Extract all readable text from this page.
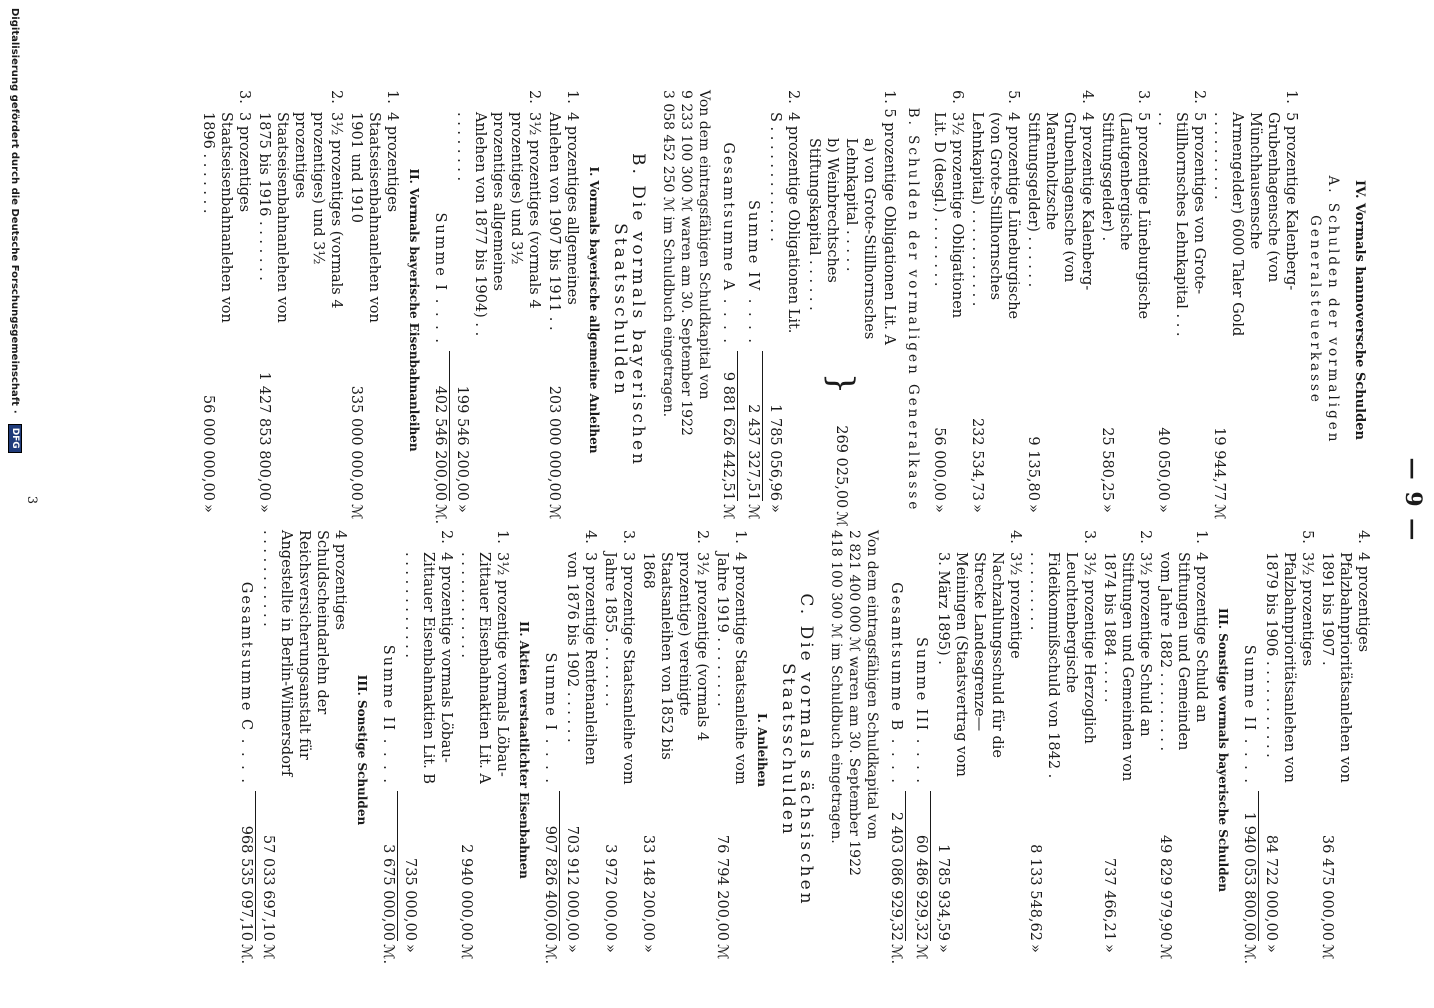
— 9 —
IV. Vormals hannoversche Schulden
A. Schulden der vormaligen Generalsteuerkasse
1.
5 prozentige Kalenberg-Grubenhagensche (von Münchhausensche Armengelder) 6000 Taler Gold . . . . . . . . . .
19 944,77
ℳ
2.
5 prozentiges von Grote-Stillhornsches Lehnkapital . . . . .
40 050,00
»
3.
5 prozentige Lüneburgische (Lautgenbergische Stiftungsgelder) .
25 580,25
»
4.
4 prozentige Kalenberg-Grubenhagensche (von Marenholtzsche Stiftungsgelder) . . . . . .
9 135,80
»
5.
4 prozentige Lüneburgische (von Grote-Stillhornsches Lehnkapital) . . . . . . . . . . .
232 534,73
»
6.
3½ prozentige Obligationen Lit. D (desgl.) . . . . . . . .
56 000,00
»
B. Schulden der vormaligen Generalkasse
1. 5 prozentige Obligationen Lit. A
a) von Grote-Stillhornsches Lehnkapital . . . . .
b) Weinbrechtsches Stiftungskapital . . . . . .
}
269 025,00
ℳ
2.
4 prozentige Obligationen Lit. S . . . . . . . . . . . . .
1 785 056,96
»
Summe IV . . . .
2 437 327,51
ℳ
Gesamtsumme A . . . .
9 881 626 442,51
ℳ
Von dem eintragsfähigen Schuldkapital von
9 233 100 300 ℳ waren am 30. September 1922
3 058 452 250 ℳ im Schuldbuch eingetragen.
B. Die vormals bayerischen Staatsschulden
I. Vormals bayerische allgemeine Anleihen
1.
4 prozentiges allgemeines Anlehen von 1907 bis 1911 . .
203 000 000,00
ℳ
2.
3½ prozentiges (vormals 4 prozentiges) und 3½ prozentiges allgemeines Anlehen von 1877 bis 1904) . . . . . . . . . .
199 546 200,00
»
Summe I . . . .
402 546 200,00
ℳ.
II. Vormals bayerische Eisenbahnanleihen
1.
4 prozentiges Staatseisenbahnanlehen von 1901 und 1910
335 000 000,00
ℳ
2.
3½ prozentiges (vormals 4 prozentiges) und 3½ prozentiges Staatseisenbahnanlehen von 1875 bis 1916 . . . . . . .
1 427 853 800,00
»
3.
3 prozentiges Staatseisenbahnanlehen von 1896 . . . . . . .
56 000 000,00
»
4.
4 prozentiges Pfalzbahnprioritätsanlehen von 1891 bis 1907 .
36 475 000,00
ℳ
5.
3½ prozentiges Pfalzbahnprioritätsanlehen von 1879 bis 1906 . . . . . . . . . . .
84 722 000,00
»
Summe II . . . .
1 940 053 800,00
ℳ.
III. Sonstige vormals bayerische Schulden
1.
4 prozentige Schuld an Stiftungen und Gemeinden vom Jahre 1882 . . . . . . . . .
49 829 979,90
ℳ
2.
3½ prozentige Schuld an Stiftungen und Gemeinden von 1874 bis 1884 . . . . .
737 466,21
»
3.
3½ prozentige Herzoglich Leuchtenbergische Fideikommißschuld von 1842 . . . . . . . . . .
8 133 548,62
»
4.
3½ prozentige Nachzahlungsschuld für die Strecke Landesgrenze—Meiningen (Staatsvertrag vom 3. März 1895) .
1 785 934,59
»
Summe III . . . .
60 486 929,32
ℳ
Gesamtsumme B . . . .
2 403 086 929,32
ℳ.
Von dem eintragsfähigen Schuldkapital von
2 821 400 000 ℳ waren am 30. September 1922
418 100 300 ℳ im Schuldbuch eingetragen.
C. Die vormals sächsischen Staatsschulden
I. Anleihen
1.
4 prozentige Staatsanleihe vom Jahre 1919 . . . . . . . .
76 794 200,00
ℳ
2.
3½ prozentige (vormals 4 prozentige) vereinigte Staatsanleihen von 1852 bis 1868
33 148 200,00
»
3.
3 prozentige Staatsanleihe vom Jahre 1855 . . . . . . . .
3 972 000,00
»
4.
3 prozentige Rentenanleihen von 1876 bis 1902 . . . . . .
703 912 000,00
»
Summe I . . . .
907 826 400,00
ℳ.
II. Aktien verstaatlichter Eisenbahnen
1.
3½ prozentige vormals Löbau-Zittauer Eisenbahnaktien Lit. A . . . . . . . . . . . .
2 940 000,00
ℳ
2.
4 prozentige vormals Löbau-Zittauer Eisenbahnaktien Lit. B . . . . . . . . . . . .
735 000,00
»
Summe II . . . .
3 675 000,00
ℳ.
III. Sonstige Schulden
4 prozentiges Schuldscheindarlehn der Reichsversicherungsanstalt für Angestellte in Berlin-Wilmersdorf . . . . . . . . . . .
57 033 697,10
ℳ
Gesamtsumme C . . . .
968 535 097,10
ℳ.
3
Digitalisierung gefördert durch die Deutsche Forschungsgemeinschaft
·
DFG
